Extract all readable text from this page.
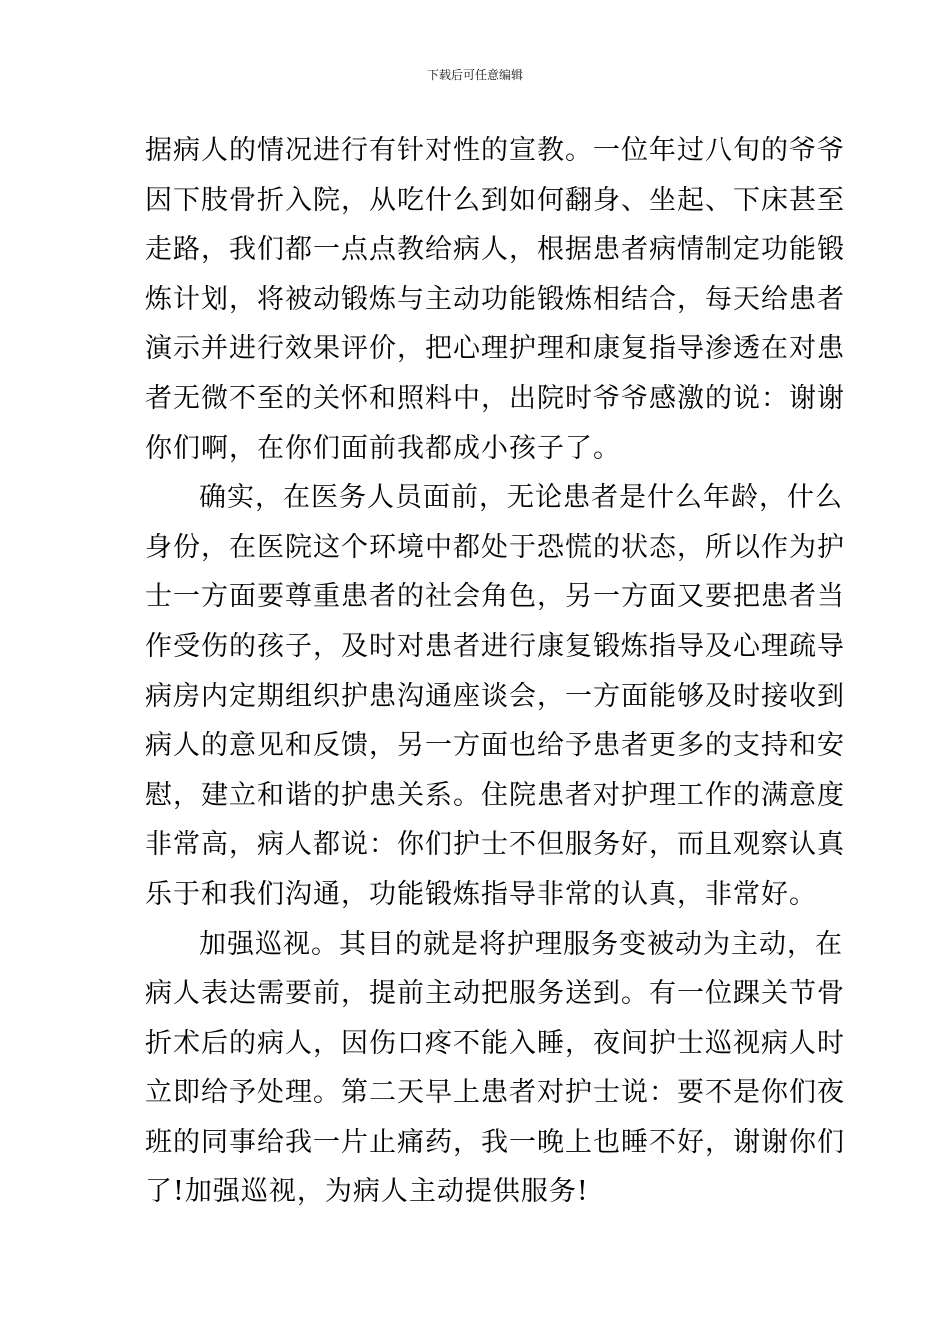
下载后可任意编辑

据病人的情况进行有针对性的宣教。一位年过八旬的爷爷
因下肢骨折入院，从吃什么到如何翻身、坐起、下床甚至
走路，我们都一点点教给病人，根据患者病情制定功能锻
炼计划，将被动锻炼与主动功能锻炼相结合，每天给患者
演示并进行效果评价，把心理护理和康复指导渗透在对患
者无微不至的关怀和照料中，出院时爷爷感激的说：谢谢
你们啊，在你们面前我都成小孩子了。

确实，在医务人员面前，无论患者是什么年龄，什么
身份，在医院这个环境中都处于恐慌的状态，所以作为护
士一方面要尊重患者的社会角色，另一方面又要把患者当
作受伤的孩子，及时对患者进行康复锻炼指导及心理疏导
病房内定期组织护患沟通座谈会，一方面能够及时接收到
病人的意见和反馈，另一方面也给予患者更多的支持和安
慰，建立和谐的护患关系。住院患者对护理工作的满意度
非常高，病人都说：你们护士不但服务好，而且观察认真
乐于和我们沟通，功能锻炼指导非常的认真，非常好。

加强巡视。其目的就是将护理服务变被动为主动，在
病人表达需要前，提前主动把服务送到。有一位踝关节骨
折术后的病人，因伤口疼不能入睡，夜间护士巡视病人时
立即给予处理。第二天早上患者对护士说：要不是你们夜
班的同事给我一片止痛药，我一晚上也睡不好，谢谢你们
了!加强巡视，为病人主动提供服务!
